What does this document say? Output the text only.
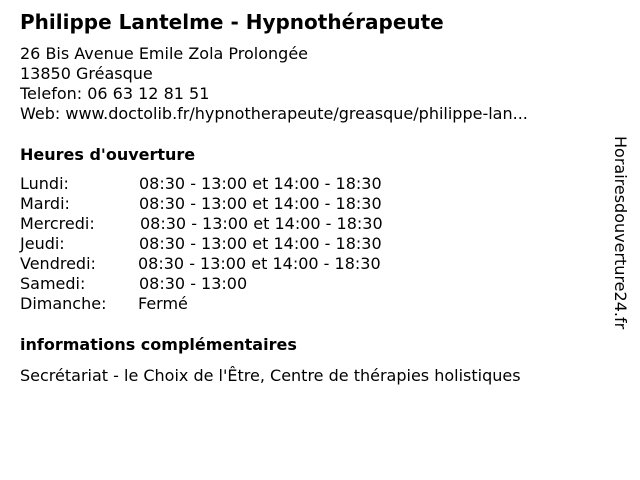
Philippe Lantelme - Hypnothérapeute
26 Bis Avenue Emile Zola Prolongée
13850 Gréasque
Telefon: 06 63 12 81 51
Web: www.doctolib.fr/hypnotherapeute/greasque/philippe-lan...
Heures d'ouverture
Lundi:	08:30 - 13:00 et 14:00 - 18:30
Mardi:	08:30 - 13:00 et 14:00 - 18:30
Mercredi:	08:30 - 13:00 et 14:00 - 18:30
Jeudi:	08:30 - 13:00 et 14:00 - 18:30
Vendredi:	08:30 - 13:00 et 14:00 - 18:30
Samedi:	08:30 - 13:00
Dimanche: Fermé
informations complémentaires
Secrétariat - le Choix de l'Être, Centre de thérapies holistiques
Horairesdouverture24.fr
